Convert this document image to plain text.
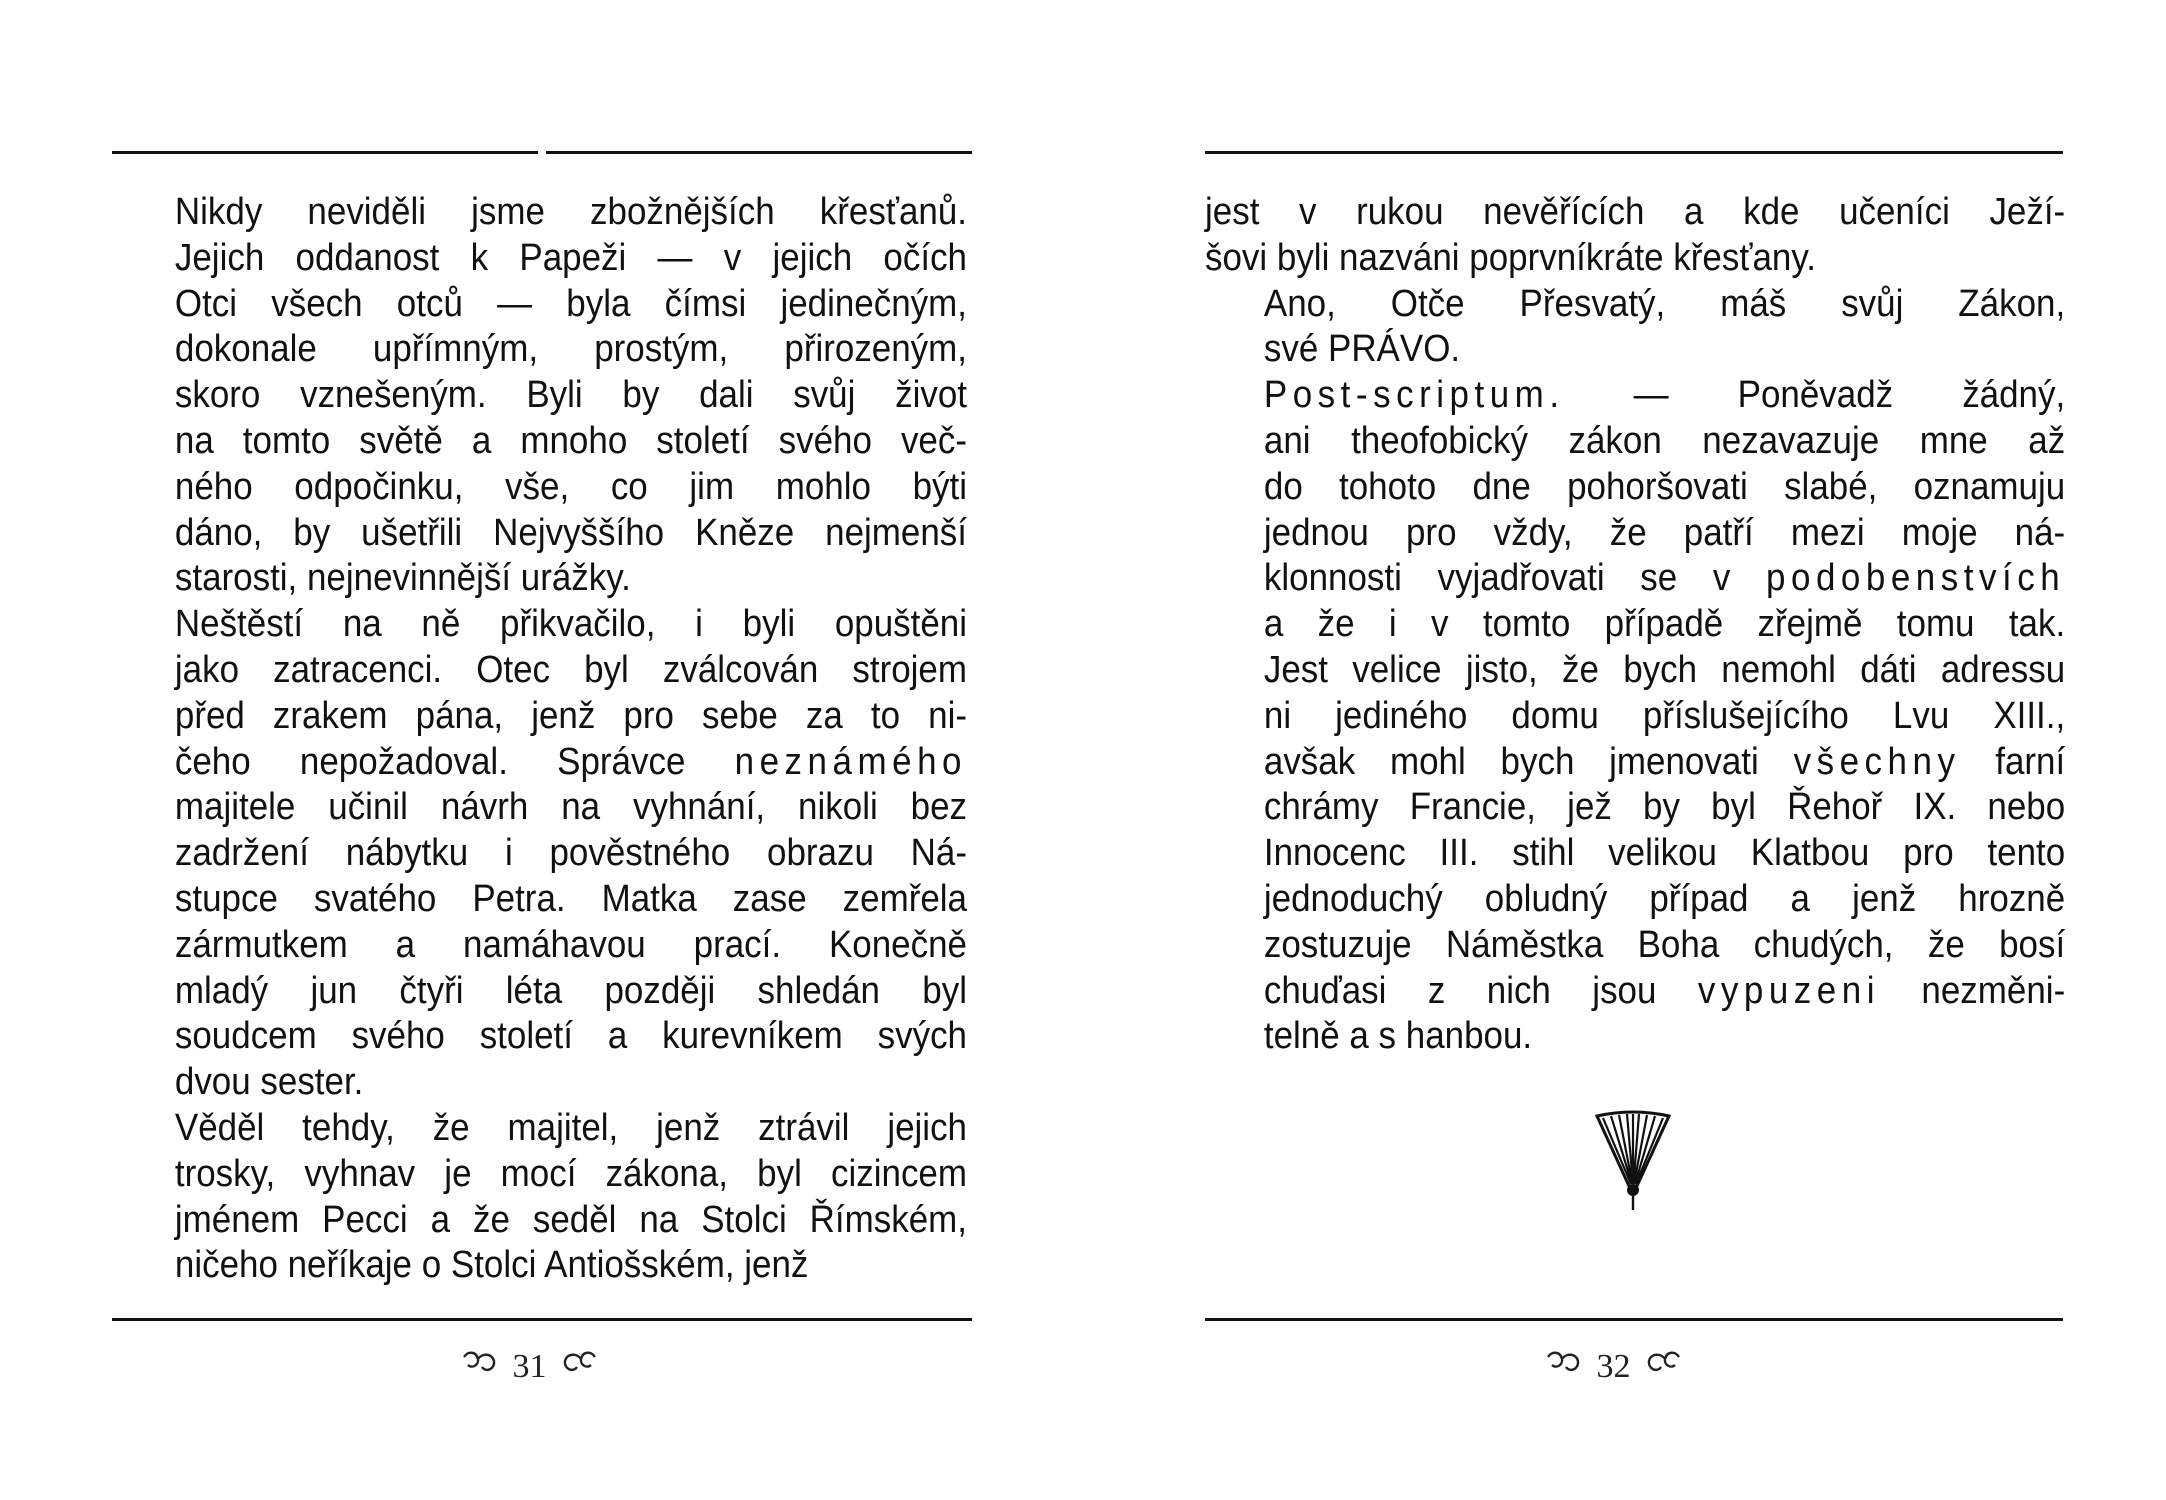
Nikdy neviděli jsme zbožnějších křesťanů.
Jejich oddanost k Papeži — v jejich očích
Otci všech otců — byla čímsi jedinečným,
dokonale upřímným, prostým, přirozeným,
skoro vznešeným. Byli by dali svůj život
na tomto světě a mnoho století svého več-
ného odpočinku, vše, co jim mohlo býti
dáno, by ušetřili Nejvyššího Kněze nejmenší
starosti, nejnevinnější urážky.

Neštěstí na ně přikvačilo, i byli opuštěni
jako zatracenci. Otec byl zválcován strojem
před zrakem pána, jenž pro sebe za to ni-
čeho nepožadoval. Správce neznámého
majitele učinil návrh na vyhnání, nikoli bez
zadržení nábytku i pověstného obrazu Ná-
stupce svatého Petra. Matka zase zemřela
zármutkem a namáhavou prací. Konečně
mladý jun čtyři léta později shledán byl
soudcem svého století a kurevníkem svých
dvou sester.

Věděl tehdy, že majitel, jenž ztrávil jejich
trosky, vyhnav je mocí zákona, byl cizincem
jménem Pecci a že seděl na Stolci Římském,
ničeho neříkaje o Stolci Antiošském, jenž

31

jest v rukou nevěřících a kde učeníci Ježí-
šovi byli nazváni poprvníkráte křesťany.

Ano, Otče Přesvatý, máš svůj Zákon,
své PRÁVO.

Post-scriptum. — Poněvadž žádný,
ani theofobický zákon nezavazuje mne až
do tohoto dne pohoršovati slabé, oznamuju
jednou pro vždy, že patří mezi moje ná-
klonnosti vyjadřovati se v podobenstvích
a že i v tomto případě zřejmě tomu tak.
Jest velice jisto, že bych nemohl dáti adressu
ni jediného domu příslušejícího Lvu XIII.,
avšak mohl bych jmenovati všechny farní
chrámy Francie, jež by byl Řehoř IX. nebo
Innocenc III. stihl velikou Klatbou pro tento
jednoduchý obludný případ a jenž hrozně
zostuzuje Náměstka Boha chudých, že bosí
chuďasi z nich jsou vypuzeni nezměni-
telně a s hanbou.

32
